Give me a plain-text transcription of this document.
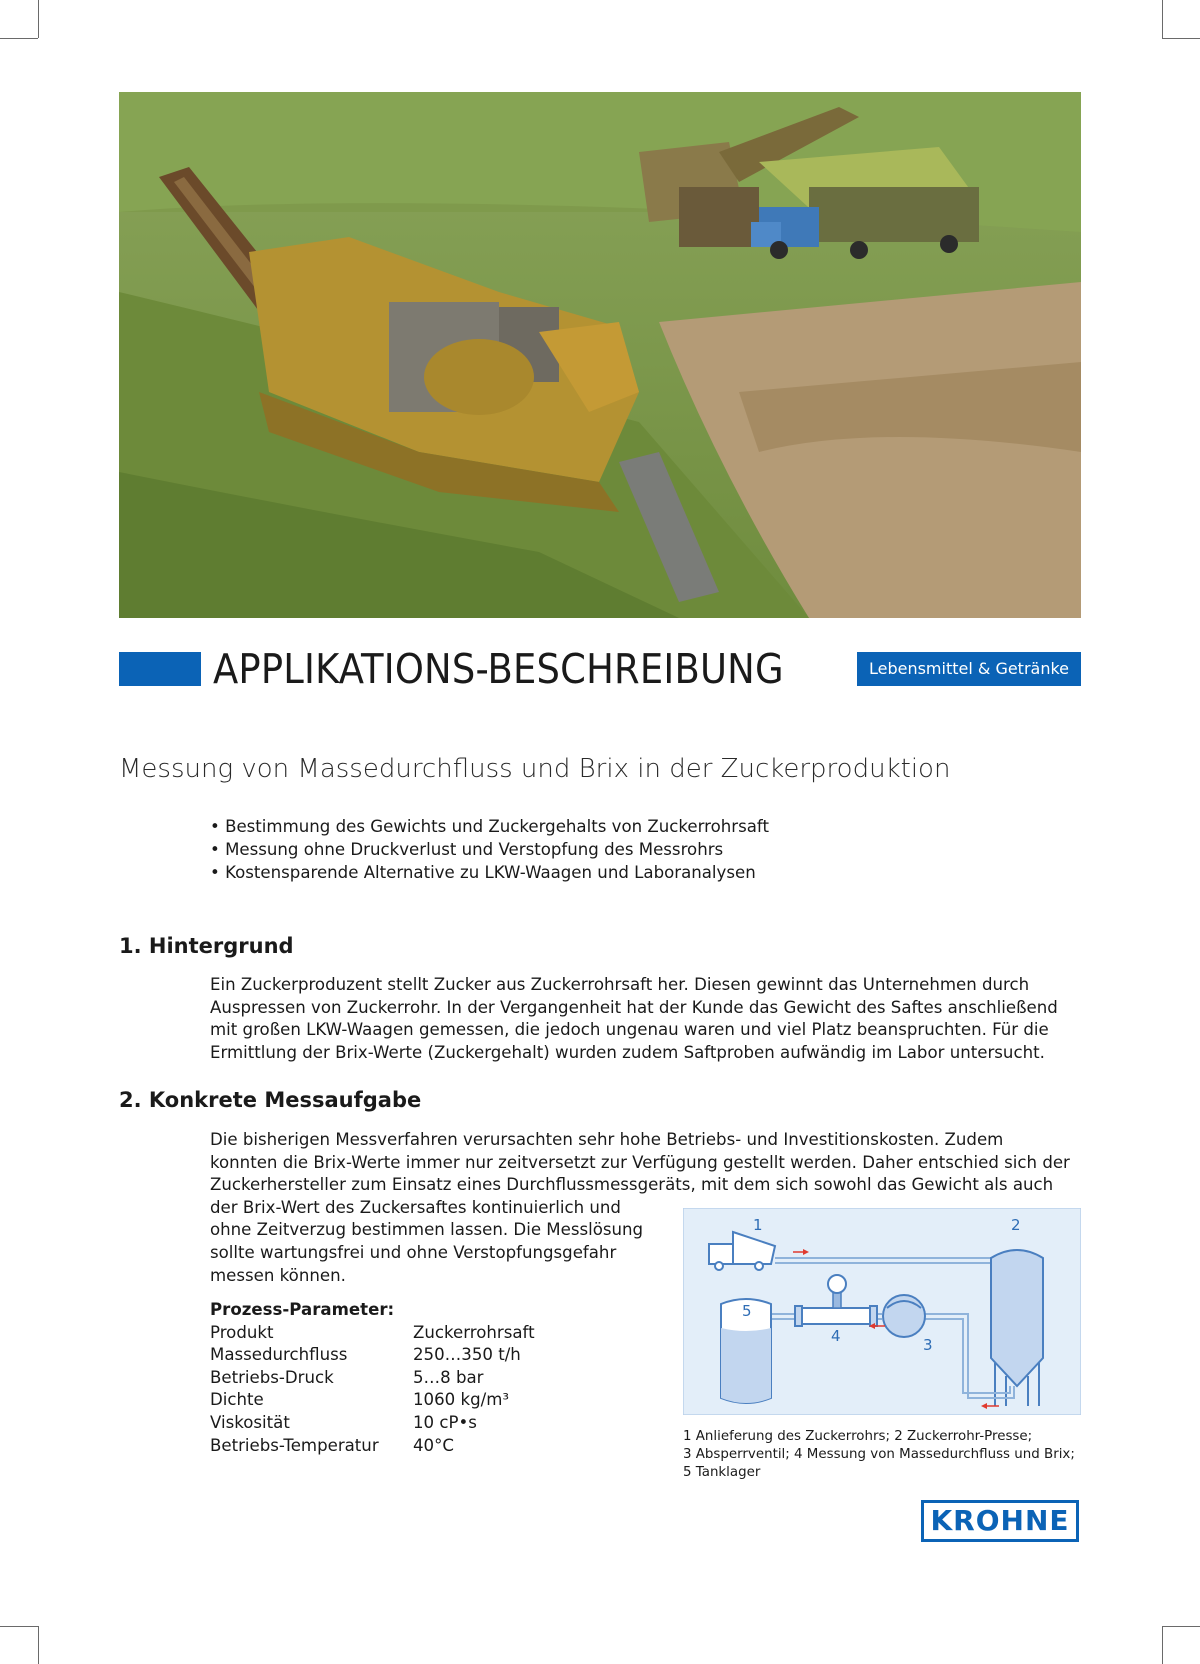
APPLIKATIONS-BESCHREIBUNG	Lebensmittel & Getränke
Messung von Massedurchfluss und Brix in der Zuckerproduktion
• Bestimmung des Gewichts und Zuckergehalts von Zuckerrohrsaft
• Messung ohne Druckverlust und Verstopfung des Messrohrs
• Kostensparende Alternative zu LKW-Waagen und Laboranalysen
1. Hintergrund
Ein Zuckerproduzent stellt Zucker aus Zuckerrohrsaft her. Diesen gewinnt das Unternehmen durch
Auspressen von Zuckerrohr. In der Vergangenheit hat der Kunde das Gewicht des Saftes anschließend
mit großen LKW-Waagen gemessen, die jedoch ungenau waren und viel Platz beanspruchten. Für die
Ermittlung der Brix-Werte (Zuckergehalt) wurden zudem Saftproben aufwändig im Labor untersucht.
2. Konkrete Messaufgabe
Die bisherigen Messverfahren verursachten sehr hohe Betriebs- und Investitionskosten. Zudem
konnten die Brix-Werte immer nur zeitversetzt zur Verfügung gestellt werden. Daher entschied sich der
Zuckerhersteller zum Einsatz eines Durchflussmessgeräts, mit dem sich sowohl das Gewicht als auch
der Brix-Wert des Zuckersaftes kontinuierlich und
ohne Zeitverzug bestimmen lassen. Die Messlösung
sollte wartungsfrei und ohne Verstopfungsgefahr
messen können.
Prozess-Parameter:
Produkt	Zuckerrohrsaft
Massedurchfluss	250…350 t/h
Betriebs-Druck	5…8 bar
Dichte	1060 kg/m³
Viskosität	10 cP•s
Betriebs-Temperatur	40°C
1	2
3
4
5
1 Anlieferung des Zuckerrohrs; 2 Zuckerrohr-Presse;
3 Absperrventil; 4 Messung von Massedurchfluss und Brix;
5 Tanklager
KROHNE
